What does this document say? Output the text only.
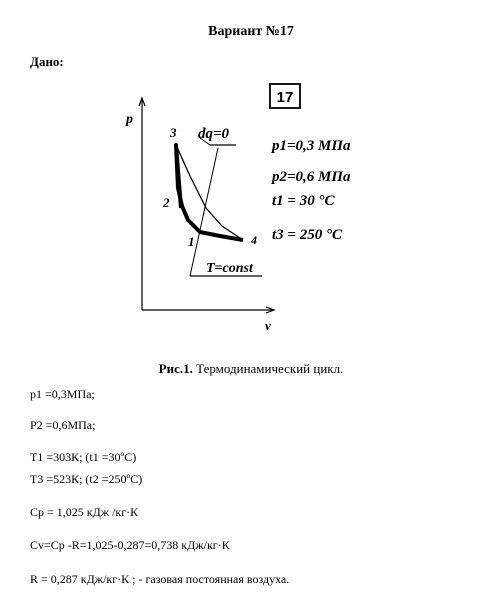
Вариант №17
Дано:
p
v
3
2
1	4
dq=0
T=const
17
p1=0,3 МПа
p2=0,6 МПа
t1 = 30 °C
t3 = 250 °C
Рис.1. Термодинамический цикл.
р1 =0,3МПа;
Р2 =0,6МПа;
Т1 =303К; (t1 =30ºС)
Т3 =523К; (t2 =250ºС)
Ср = 1,025 кДж /кг·К
Сv=Ср -R=1,025-0,287=0,738 кДж/кг·К
R = 0,287 кДж/кг·К ; - газовая постоянная воздуха.
